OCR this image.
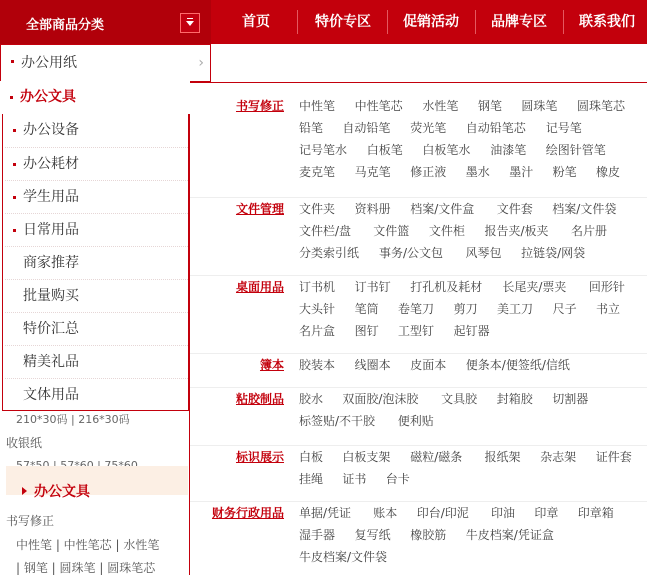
全部商品分类	首页	特价专区	促销活动	品牌专区	联系我们
210*30码 | 216*30码
收银纸
办公文具
书写修正
中性笔 | 中性笔芯 | 水性笔
| 钢笔 | 圆珠笔 | 圆珠笔芯
办公用纸	›
办公文具
办公设备
办公耗材
学生用品
日常用品
商家推荐
批量购买
特价汇总
精美礼品
文体用品
书写修正 中性笔 中性笔芯 水性笔 钢笔 圆珠笔 圆珠笔芯
铅笔 自动铅笔 荧光笔 自动铅笔芯 记号笔
记号笔水 白板笔 白板笔水 油漆笔 绘图针管笔
麦克笔 马克笔 修正液 墨水 墨汁 粉笔 橡皮
文件管理 文件夹 资料册 档案/文件盒 文件套 档案/文件袋
文件栏/盘 文件篮 文件柜 报告夹/板夹 名片册
分类索引纸 事务/公文包 风琴包 拉链袋/网袋
桌面用品 订书机 订书钉 打孔机及耗材 长尾夹/票夹 回形针
大头针 笔筒 卷笔刀 剪刀 美工刀 尺子 书立
名片盒 图钉 工型钉 起钉器
簿本 胶装本 线圈本 皮面本 便条本/便签纸/信纸
粘胶制品 胶水 双面胶/泡沫胶 文具胶 封箱胶 切割器
标签贴/不干胶 便利贴
标识展示 白板 白板支架 磁粒/磁条 报纸架 杂志架 证件套
挂绳 证书 台卡
财务行政用品 单据/凭证 账本 印台/印泥 印油 印章 印章箱
湿手器 复写纸 橡胶筋 牛皮档案/凭证盒
牛皮档案/文件袋
